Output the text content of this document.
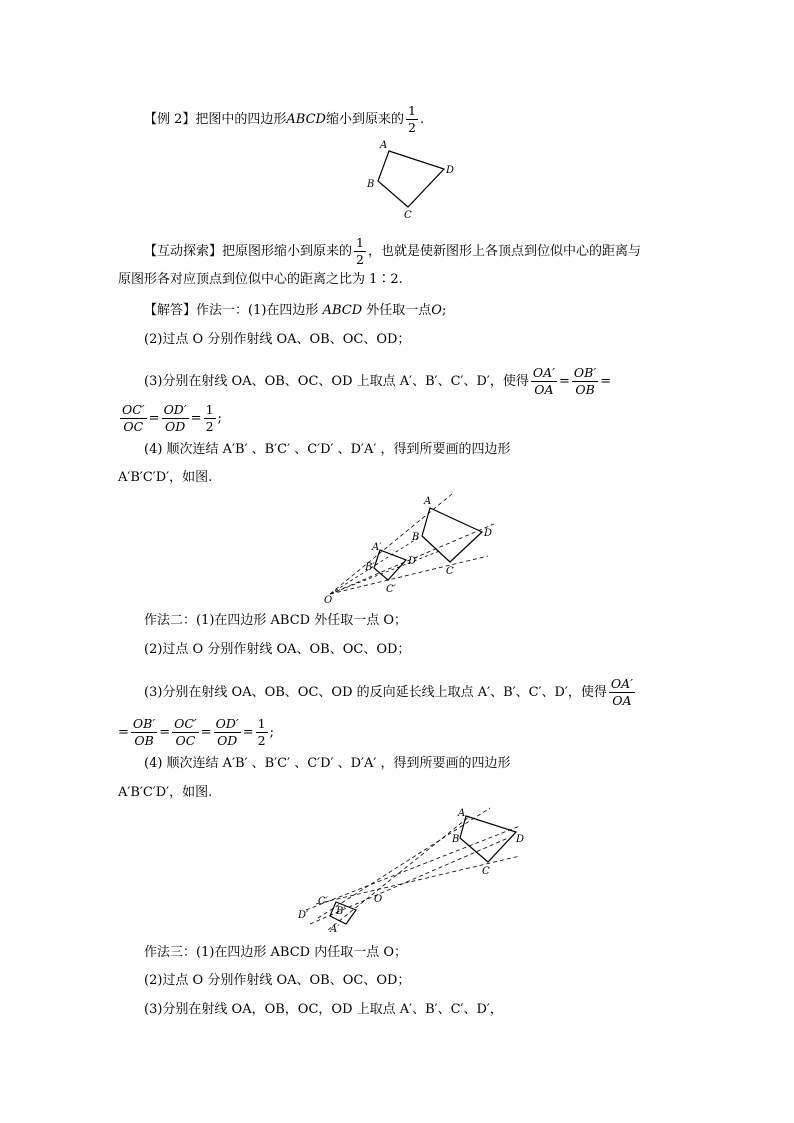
【例 2】把图中的四边形ABCD缩小到原来的 $\frac{1}{2}$ .
A
D
B
C
【互动探索】把原图形缩小到原来的 $\frac{1}{2}$ ，也就是使新图形上各顶点到位似中心的距离与
原图形各对应顶点到位似中心的距离之比为 1∶2.
【解答】作法一：(1)在四边形 ABCD 外任取一点O;
(2)过点 O 分别作射线 OA、OB、OC、OD；
(3)分别在射线 OA、OB、OC、OD 上取点 A′、B′、C′、D′，使得 $\frac{OA'}{OA} = \frac{OB'}{OB}$ =
$\frac{OC'}{OC} = \frac{OD'}{OD} = \frac{1}{2}$ ;
(4) 顺次连结 A′B′ 、B′C′ 、C′D′ 、D′A′ ，得到所要画的四边形
A′B′C′D′，如图.
A
D
B
C
A′
D′
B′
C′
O
作法二：(1)在四边形 ABCD 外任取一点 O；
(2)过点 O 分别作射线 OA、OB、OC、OD；
(3)分别在射线 OA、OB、OC、OD 的反向延长线上取点 A′、B′、C′、D′，使得 $\frac{OA'}{OA}$
= $\frac{OB'}{OB} = \frac{OC'}{OC} = \frac{OD'}{OD} = \frac{1}{2}$ ;
(4) 顺次连结 A′B′ 、B′C′ 、C′D′ 、D′A′ ，得到所要画的四边形
A′B′C′D′，如图.
A
D
B
C
O
C′
D′	B′
A′
作法三：(1)在四边形 ABCD 内任取一点 O；
(2)过点 O 分别作射线 OA、OB、OC、OD；
(3)分别在射线 OA，OB，OC，OD 上取点 A′、B′、C′、D′，
